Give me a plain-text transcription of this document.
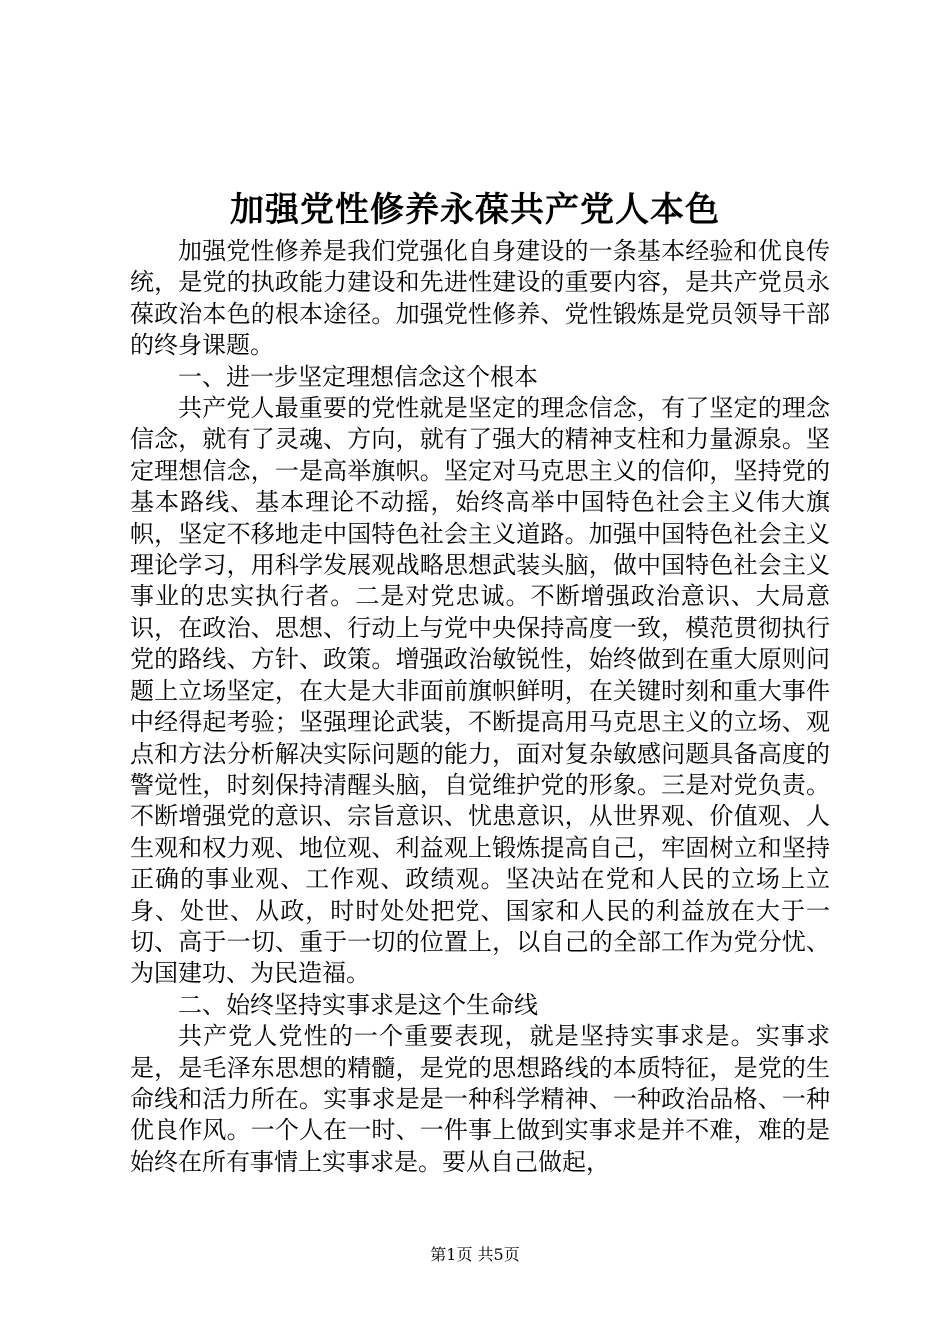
加强党性修养永葆共产党人本色

加强党性修养是我们党强化自身建设的一条基本经验和优良传统，是党的执政能力建设和先进性建设的重要内容，是共产党员永葆政治本色的根本途径。加强党性修养、党性锻炼是党员领导干部的终身课题。

一、进一步坚定理想信念这个根本

共产党人最重要的党性就是坚定的理念信念，有了坚定的理念信念，就有了灵魂、方向，就有了强大的精神支柱和力量源泉。坚定理想信念，一是高举旗帜。坚定对马克思主义的信仰，坚持党的基本路线、基本理论不动摇，始终高举中国特色社会主义伟大旗帜，坚定不移地走中国特色社会主义道路。加强中国特色社会主义理论学习，用科学发展观战略思想武装头脑，做中国特色社会主义事业的忠实执行者。二是对党忠诚。不断增强政治意识、大局意识，在政治、思想、行动上与党中央保持高度一致，模范贯彻执行党的路线、方针、政策。增强政治敏锐性，始终做到在重大原则问题上立场坚定，在大是大非面前旗帜鲜明，在关键时刻和重大事件中经得起考验；坚强理论武装，不断提高用马克思主义的立场、观点和方法分析解决实际问题的能力，面对复杂敏感问题具备高度的警觉性，时刻保持清醒头脑，自觉维护党的形象。三是对党负责。不断增强党的意识、宗旨意识、忧患意识，从世界观、价值观、人生观和权力观、地位观、利益观上锻炼提高自己，牢固树立和坚持正确的事业观、工作观、政绩观。坚决站在党和人民的立场上立身、处世、从政，时时处处把党、国家和人民的利益放在大于一切、高于一切、重于一切的位置上，以自己的全部工作为党分忧、为国建功、为民造福。

二、始终坚持实事求是这个生命线

共产党人党性的一个重要表现，就是坚持实事求是。实事求是，是毛泽东思想的精髓，是党的思想路线的本质特征，是党的生命线和活力所在。实事求是是一种科学精神、一种政治品格、一种优良作风。一个人在一时、一件事上做到实事求是并不难，难的是始终在所有事情上实事求是。要从自己做起，

第1页 共5页
